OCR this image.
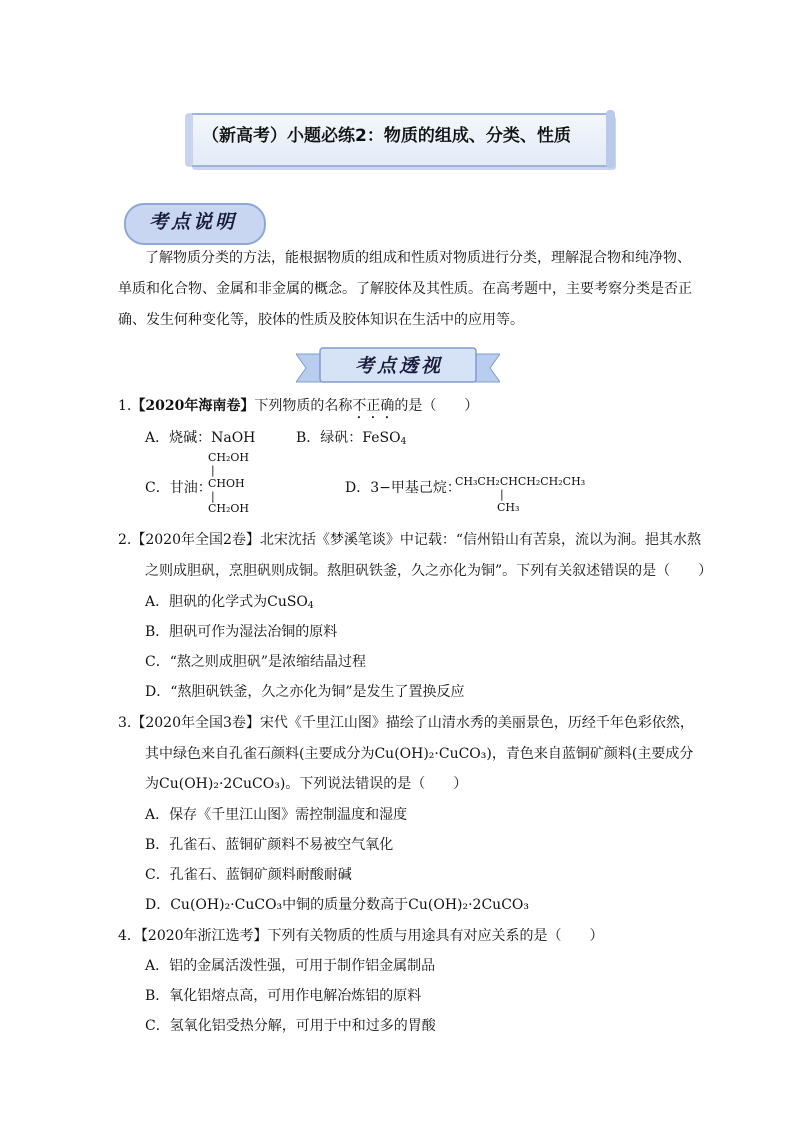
（新高考）小题必练2：物质的组成、分类、性质
考点说明
了解物质分类的方法，能根据物质的组成和性质对物质进行分类，理解混合物和纯净物、
单质和化合物、金属和非金属的概念。了解胶体及其性质。在高考题中，主要考察分类是否正
确、发生何种变化等，胶体的性质及胶体知识在生活中的应用等。
考点透视
1.【2020年海南卷】下列物质的名称不正确的是（　　）
A．烧碱：NaOH	B．绿矾：FeSO$_4$
C．甘油：
CH₂OH
|
CHOH
|
CH₂OH
D．3−甲基己烷：
CH₃CH₂CHCH₂CH₂CH₃
|
CH₃
2.【2020年全国2卷】北宋沈括《梦溪笔谈》中记载：“信州铅山有苦泉，流以为涧。挹其水熬
之则成胆矾，烹胆矾则成铜。熬胆矾铁釜，久之亦化为铜”。下列有关叙述错误的是（　　）
A．胆矾的化学式为CuSO$_4$
B．胆矾可作为湿法冶铜的原料
C．“熬之则成胆矾”是浓缩结晶过程
D．“熬胆矾铁釜，久之亦化为铜”是发生了置换反应
3.【2020年全国3卷】宋代《千里江山图》描绘了山清水秀的美丽景色，历经千年色彩依然，
其中绿色来自孔雀石颜料(主要成分为Cu(OH)₂·CuCO₃)，青色来自蓝铜矿颜料(主要成分
为Cu(OH)₂·2CuCO₃)。下列说法错误的是（　　）
A．保存《千里江山图》需控制温度和湿度
B．孔雀石、蓝铜矿颜料不易被空气氧化
C．孔雀石、蓝铜矿颜料耐酸耐碱
D．Cu(OH)₂·CuCO₃中铜的质量分数高于Cu(OH)₂·2CuCO₃
4．【2020年浙江选考】下列有关物质的性质与用途具有对应关系的是（　　）
A．铝的金属活泼性强，可用于制作铝金属制品
B．氧化铝熔点高，可用作电解冶炼铝的原料
C．氢氧化铝受热分解，可用于中和过多的胃酸
